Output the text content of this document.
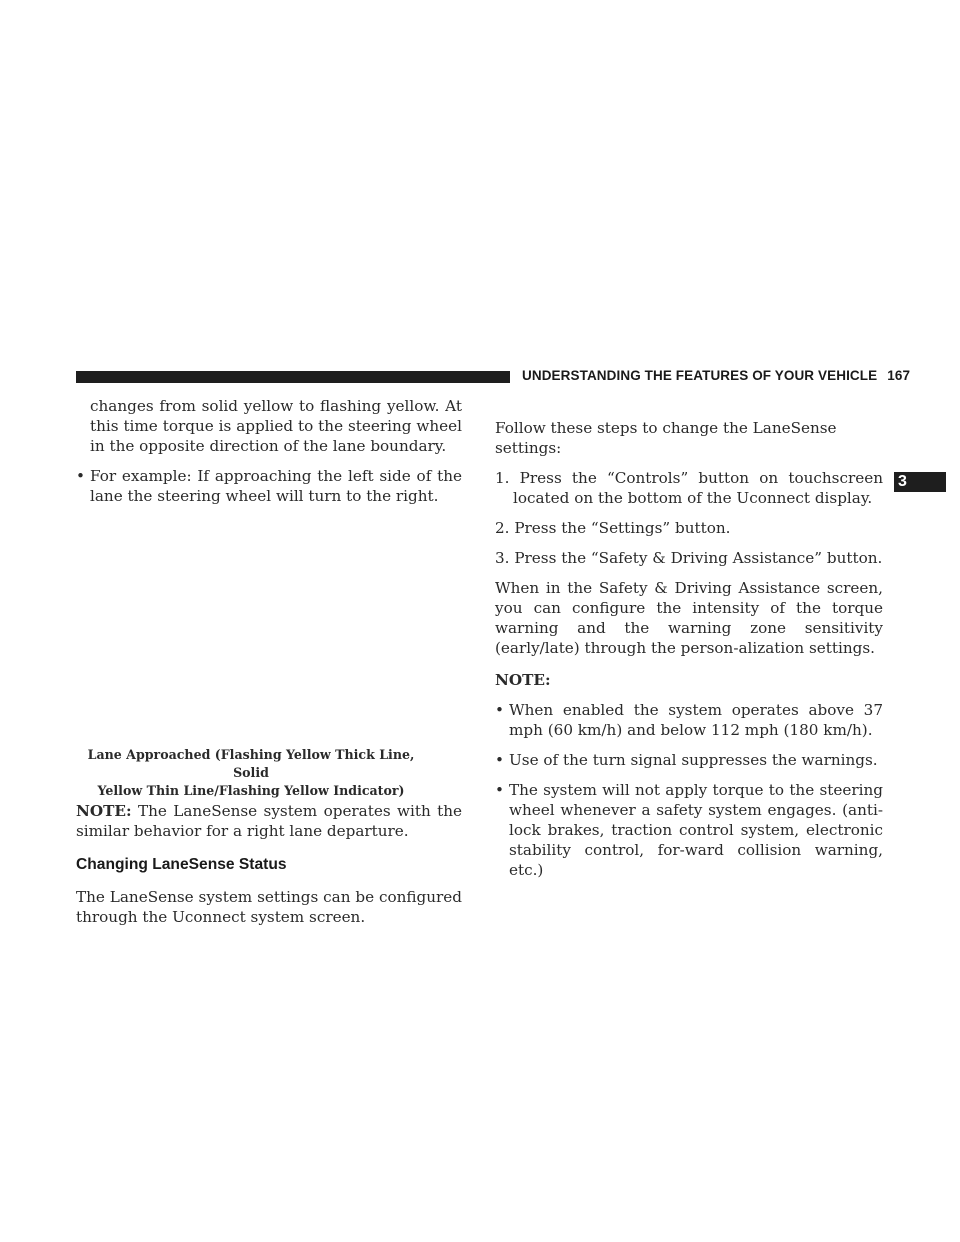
UNDERSTANDING THE FEATURES OF YOUR VEHICLE 167
3

changes from solid yellow to flashing yellow. At this time torque is applied to the steering wheel in the opposite direction of the lane boundary.

• For example: If approaching the left side of the lane the steering wheel will turn to the right.

Lane Approached (Flashing Yellow Thick Line, Solid
Yellow Thin Line/Flashing Yellow Indicator)

NOTE: The LaneSense system operates with the similar behavior for a right lane departure.

Changing LaneSense Status

The LaneSense system settings can be configured through the Uconnect system screen.

Follow these steps to change the LaneSense settings:

1. Press the “Controls” button on touchscreen located on the bottom of the Uconnect display.

2. Press the “Settings” button.

3. Press the “Safety & Driving Assistance” button.

When in the Safety & Driving Assistance screen, you can configure the intensity of the torque warning and the warning zone sensitivity (early/late) through the person-alization settings.

NOTE:

• When enabled the system operates above 37 mph (60 km/h) and below 112 mph (180 km/h).

• Use of the turn signal suppresses the warnings.

• The system will not apply torque to the steering wheel whenever a safety system engages. (anti-lock brakes, traction control system, electronic stability control, for-ward collision warning, etc.)
